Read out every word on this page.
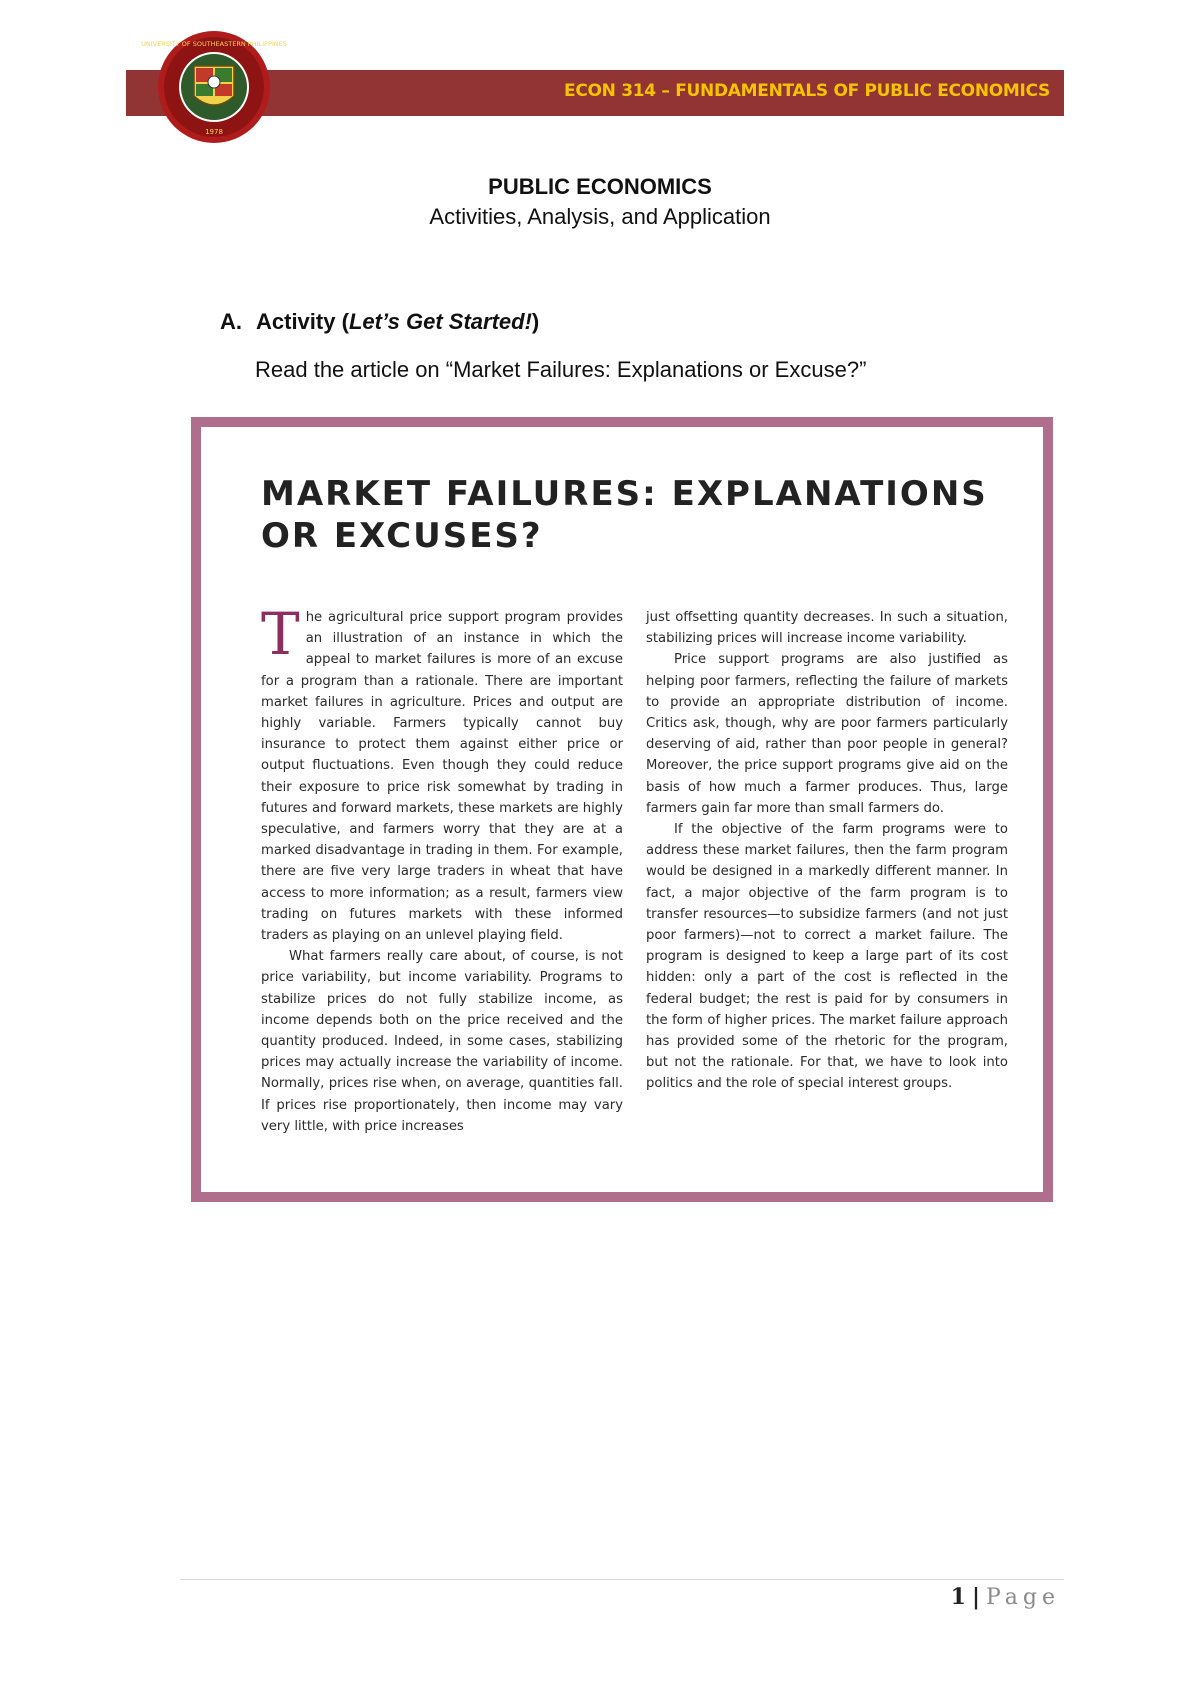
ECON 314 – FUNDAMENTALS OF PUBLIC ECONOMICS
UNIVERSITY OF SOUTHEASTERN PHILIPPINES
1978
PUBLIC ECONOMICS
Activities, Analysis, and Application
A. Activity (Let’s Get Started!)
Read the article on “Market Failures: Explanations or Excuse?”
MARKET FAILURES: EXPLANATIONS
OR EXCUSES?

The agricultural price support program provides an illustration of an instance in which the appeal to market failures is more of an excuse for a program than a rationale. There are important market failures in agriculture. Prices and output are highly variable. Farmers typically cannot buy insurance to protect them against either price or output fluctuations. Even though they could reduce their exposure to price risk somewhat by trading in futures and forward markets, these markets are highly speculative, and farmers worry that they are at a marked disadvantage in trading in them. For example, there are five very large traders in wheat that have access to more information; as a result, farmers view trading on futures markets with these informed traders as playing on an unlevel playing field.

What farmers really care about, of course, is not price variability, but income variability. Programs to stabilize prices do not fully stabilize income, as income depends both on the price received and the quantity produced. Indeed, in some cases, stabilizing prices may actually increase the variability of income. Normally, prices rise when, on average, quantities fall. If prices rise proportionately, then income may vary very little, with price increases

just offsetting quantity decreases. In such a situation, stabilizing prices will increase income variability.

Price support programs are also justified as helping poor farmers, reflecting the failure of markets to provide an appropriate distribution of income. Critics ask, though, why are poor farmers particularly deserving of aid, rather than poor people in general? Moreover, the price support programs give aid on the basis of how much a farmer produces. Thus, large farmers gain far more than small farmers do.

If the objective of the farm programs were to address these market failures, then the farm program would be designed in a markedly different manner. In fact, a major objective of the farm program is to transfer resources—to subsidize farmers (and not just poor farmers)—not to correct a market failure. The program is designed to keep a large part of its cost hidden: only a part of the cost is reflected in the federal budget; the rest is paid for by consumers in the form of higher prices. The market failure approach has provided some of the rhetoric for the program, but not the rationale. For that, we have to look into politics and the role of special interest groups.

1 | Page
